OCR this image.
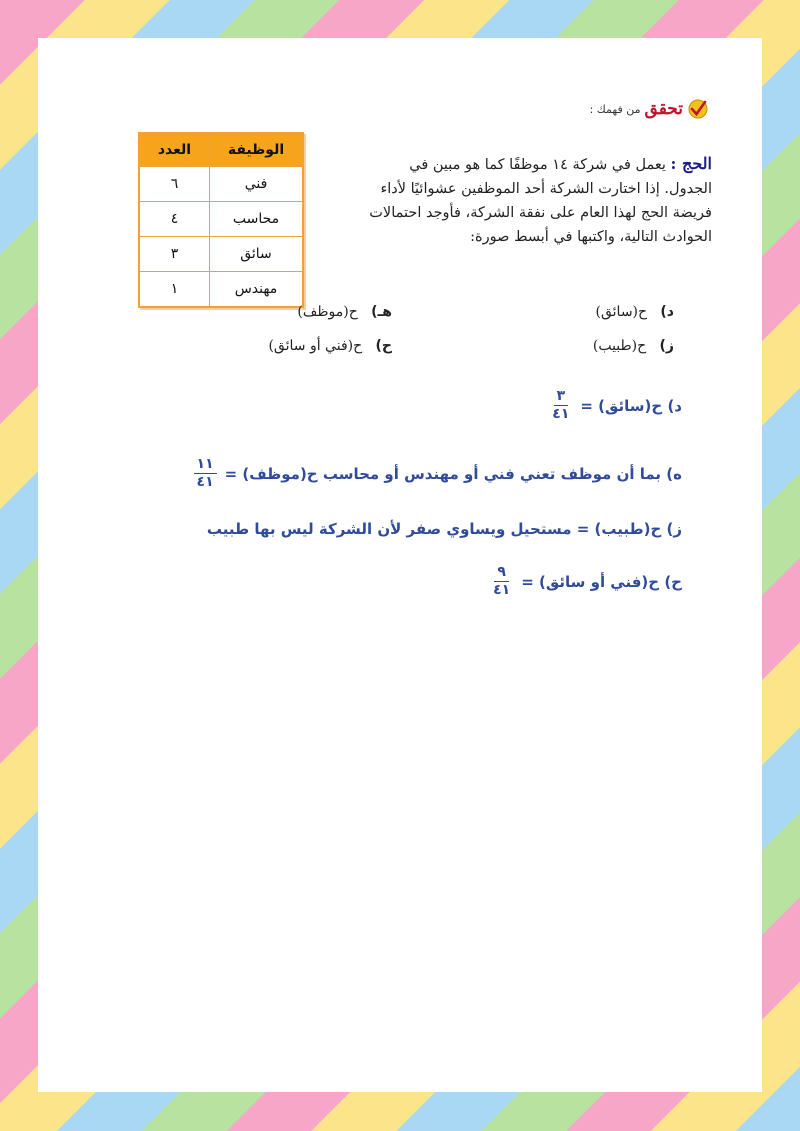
تحقق
من فهمك :
الحج : يعمل في شركة ١٤ موظفًا كما هو مبين في الجدول. إذا اختارت الشركة أحد الموظفين عشوائيًا لأداء فريضة الحج لهذا العام على نفقة الشركة، فأوجد احتمالات الحوادث التالية، واكتبها في أبسط صورة:
الوظيفة	العدد
فني	٦
محاسب	٤
سائق	٣
مهندس	١
د)   ح(سائق)
هـ)   ح(موظف)
ز)   ح(طبيب)
ح)   ح(فني أو سائق)
د) ح(سائق) =
$\frac{٣}{٤١}$
ه) بما أن موظف تعني فني أو مهندس أو محاسب ح(موظف) =
$\frac{١١}{٤١}$
ز) ح(طبيب) = مستحيل ويساوي صفر لأن الشركة ليس بها طبيب
ح) ح(فني أو سائق) =
$\frac{٩}{٤١}$
